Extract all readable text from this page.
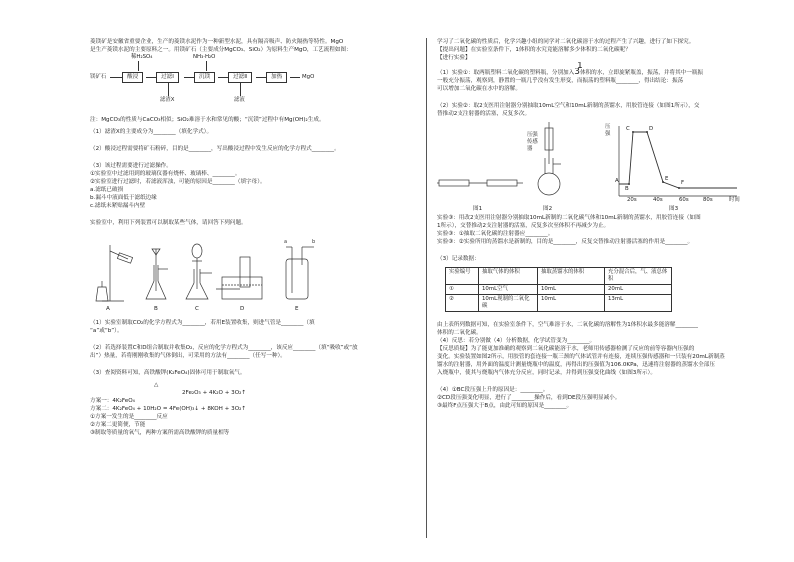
菱镁矿是安徽省重要企业，生产的菱镁水泥作为一种新型水泥，具有隔音吸声、防火隔热等特性。MgO

是生产菱镁水泥的主要原料之一。用镁矿石（主要成分MgCO₃、SiO₂）为原料生产MgO，工艺流程如图：

稀H₂SO₄	NH₃·H₂O
镁矿石	酸浸	过滤Ⅰ	沉镁	过滤Ⅱ	加热	MgO
滤渣X	滤液

注：MgCO₃的性质与CaCO₃相似；SiO₂难溶于水和常见的酸；“沉镁”过程中有Mg(OH)₂生成。

（1）滤渣X的主要成分为________（填化学式）。

（2）酸浸过程需要将矿石粉碎，目的是________，写出酸浸过程中发生反应的化学方程式________。

（3）该过程需要进行过滤操作。

①实验室中过滤用到的玻璃仪器有烧杯、玻璃棒、________。

②实验室进行过滤时，若滤液浑浊，可能的原因是________（填字母）。

a.滤纸已破损

b.漏斗中液面低于滤纸边缘

c.滤纸未紧贴漏斗内壁

实验室中，利用下列装置可以制取某些气体，请回答下列问题。

a	b
A	B	C	D	E

（1）实验室制取CO₂的化学方程式为________，若用E装置收集，则进气管是________（填

“a”或“b”）。

（2）若选择装置C和D组合制取并收集O₂，反应的化学方程式为________，该反应________（填“吸收”或“放

出”）热量，若将刚刚收集的气体倒出，可采用的方法有________（任写一种）。

（3）查阅资料可知，高铁酸钾(K₂FeO₄)固体可用于制取氧气。

△

2Fe₂O₃ + 4K₂O + 3O₂↑

方案一：4K₂FeO₄

方案二：4K₂FeO₄ + 10H₂O = 4Fe(OH)₃↓ + 8KOH + 3O₂↑

①方案一发生的是________反应

②方案二更简便，节能

③制取等质量的氧气，两种方案所需高铁酸钾的质量相等

学习了二氧化碳的性质后，化学兴趣小组的同学对二氧化碳溶于水的过程产生了兴趣，进行了如下探究。

【提出问题】在实验室条件下，1体积的水究竟能溶解多少体积的二氧化碳呢？

【进行实验】

1

（1）实验①：取两瓶塑料二氧化碳的塑料瓶，分别加入3体积的水，立即旋紧瓶盖，振荡，并将其中一瓶振

一般充分振荡，观察到，静置的一瓶几乎没有发生形变，而振荡的塑料瓶________，得出结论：振荡

可以增加二氧化碳在水中的溶解。

（2）实验②：取2支医用注射器分别抽取10mL空气和10mL新制的蒸馏水，用胶管连接（如图1所示），交

替推动2支注射器的活塞，反复多次。

压强传感器
压强
A
B
C	D
E
F
20s	40s	60s	80s	时间
图1	图2	图3

实验③：用改2支医用注射器分别抽取10mL新制的二氧化碳气体和10mL新制的蒸馏水，用胶管连接（如图

1所示），交替推动2支注射器的活塞，反复多次至体积不再减少为止。

实验③：①抽取二氧化碳的注射器应________。

实验③：②实验所用的蒸馏水是新制的，目的是________，反复交替推动注射器活塞的作用是________。

（3）记录数据：

实验编号	抽取气体的体积	抽取蒸馏水的体积	充分混合后，气、液总体积
①	10mL空气	10mL	20mL
②	10mL现制的二氧化碳	10mL	13mL

由上表所列数据可知，在实验室条件下，空气难溶于水，二氧化碳的溶解性为1体积水最多能溶解________

体积的二氧化碳。

（4）反思：若分别做（4）分析数据，化学试管变为________。

【反思质疑】为了能更加准确的观察到二氧化碳能溶于水，老师用传感器检测了反应的前等容器内压强的

变化。实验装置如图2所示，用胶管的套连接一瓶三颈的气体试管并有连接，连续压强传感器和一只装有20mL新制蒸

馏水的注射器，用外面的温度计测量烧瓶中的温度，再得出的压强值为106.0KPa，迅速将注射器的蒸馏水全部压

入烧瓶中，使其与烧瓶内气体充分反应，同时记录，并得到压强变化曲线（如图3所示）。

（4）①BC段压强上升的原因是：________。

②CD段压强变化明显，进行了________操作后，看到DE段压强明显减小。

③最终F点压强大于B点，由此可知的原因是________。
